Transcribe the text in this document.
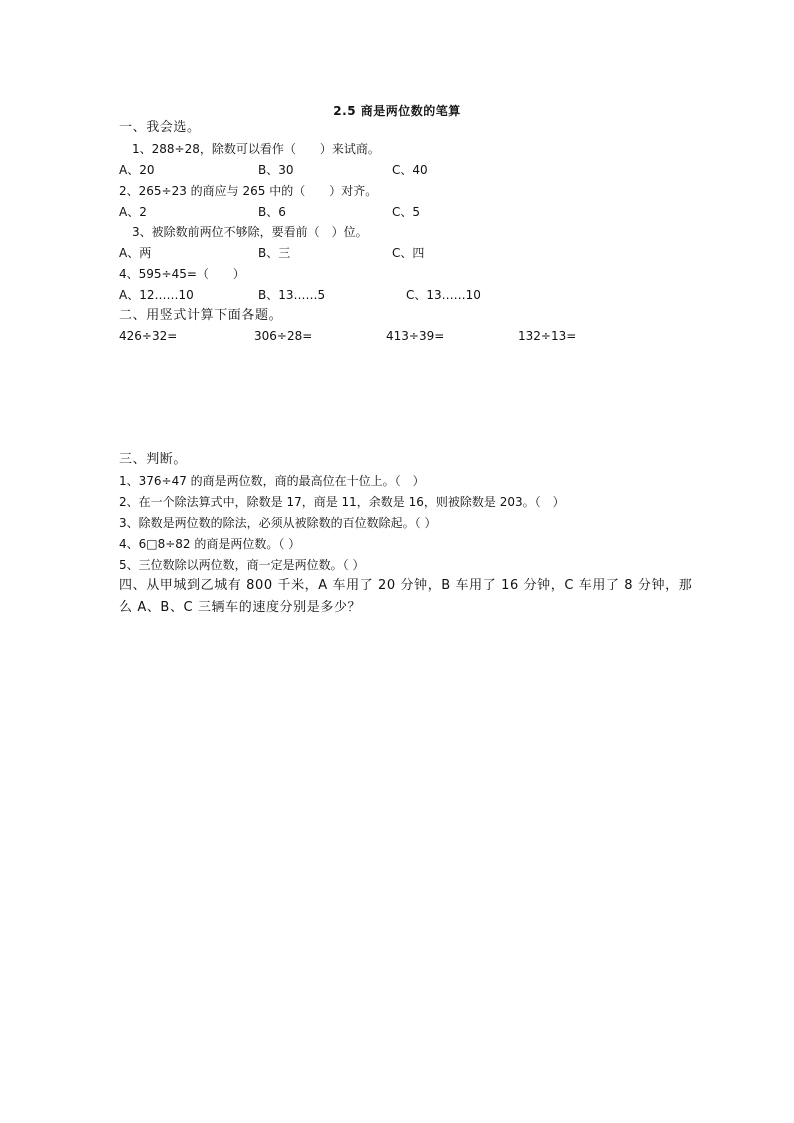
2.5 商是两位数的笔算
一、我会选。
1、288÷28，除数可以看作（　　）来试商。
A、20	B、30	C、40
2、265÷23 的商应与 265 中的（　　）对齐。
A、2	B、6	C、5
3、被除数前两位不够除，要看前（　）位。
A、两	B、三	C、四
4、595÷45=（　　）
A、12……10	B、13……5	C、13……10
二、用竖式计算下面各题。
426÷32=	306÷28=	413÷39=	132÷13=
三、判断。
1、376÷47 的商是两位数，商的最高位在十位上。（　）
2、在一个除法算式中，除数是 17，商是 11，余数是 16，则被除数是 203。（　）
3、除数是两位数的除法，必须从被除数的百位数除起。（ ）
4、6□8÷82 的商是两位数。（ ）
5、三位数除以两位数，商一定是两位数。（ ）
四、从甲城到乙城有 800 千米，A 车用了 20 分钟，B 车用了 16 分钟，C 车用了 8 分钟，那
么 A、B、C 三辆车的速度分别是多少？
